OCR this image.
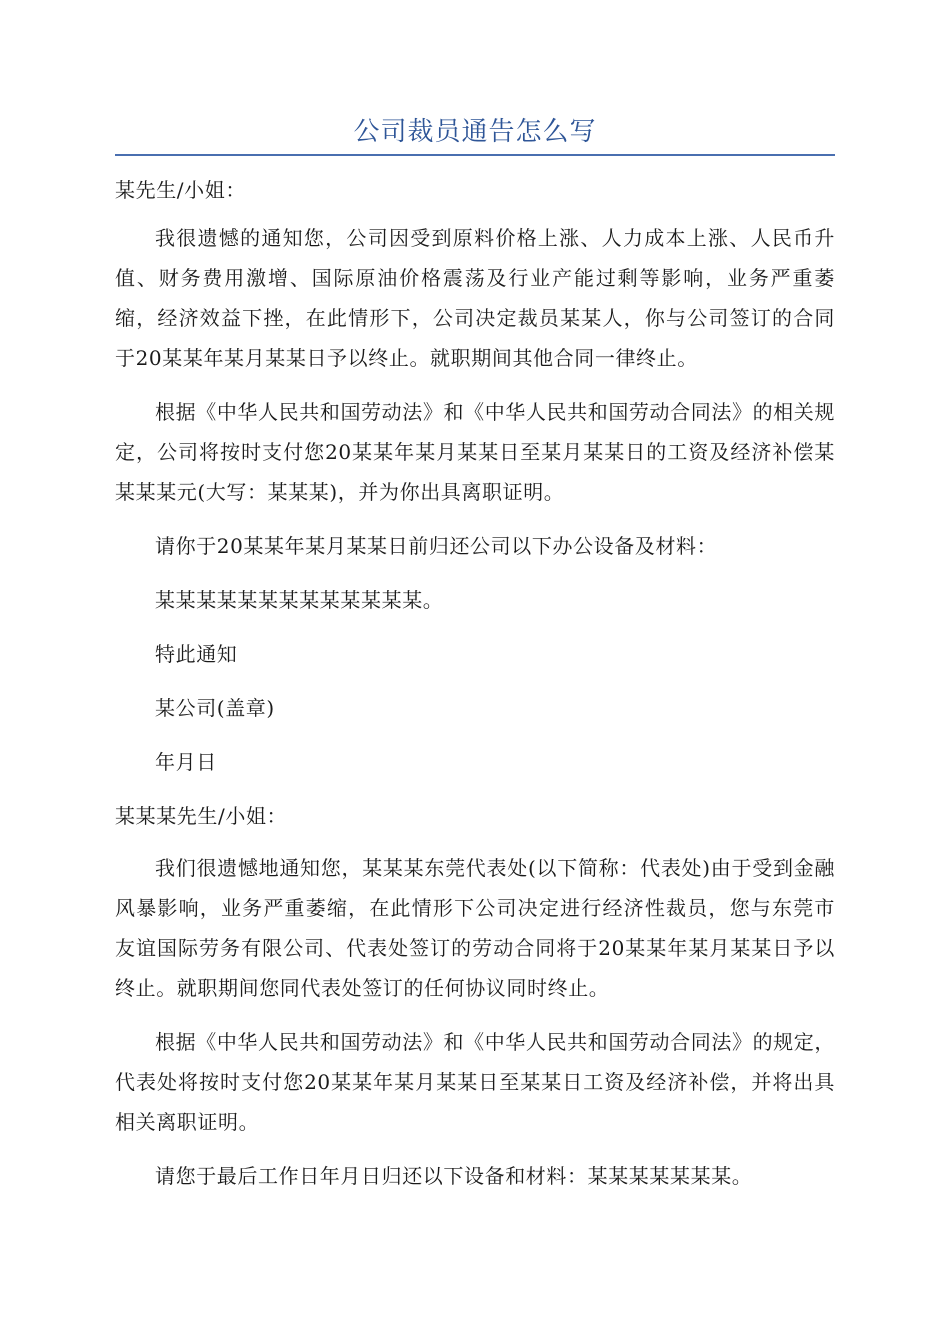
公司裁员通告怎么写

某先生/小姐：

我很遗憾的通知您，公司因受到原料价格上涨、人力成本上涨、人民币升值、财务费用激增、国际原油价格震荡及行业产能过剩等影响，业务严重萎缩，经济效益下挫，在此情形下，公司决定裁员某某人，你与公司签订的合同于20某某年某月某某日予以终止。就职期间其他合同一律终止。

根据《中华人民共和国劳动法》和《中华人民共和国劳动合同法》的相关规定，公司将按时支付您20某某年某月某某日至某月某某日的工资及经济补偿某某某某元(大写：某某某)，并为你出具离职证明。

请你于20某某年某月某某日前归还公司以下办公设备及材料：

某某某某某某某某某某某某某。

特此通知

某公司(盖章)

年月日

某某某先生/小姐：

我们很遗憾地通知您，某某某东莞代表处(以下简称：代表处)由于受到金融风暴影响，业务严重萎缩，在此情形下公司决定进行经济性裁员，您与东莞市友谊国际劳务有限公司、代表处签订的劳动合同将于20某某年某月某某日予以终止。就职期间您同代表处签订的任何协议同时终止。

根据《中华人民共和国劳动法》和《中华人民共和国劳动合同法》的规定，代表处将按时支付您20某某年某月某某日至某某日工资及经济补偿，并将出具相关离职证明。

请您于最后工作日年月日归还以下设备和材料：某某某某某某某。
